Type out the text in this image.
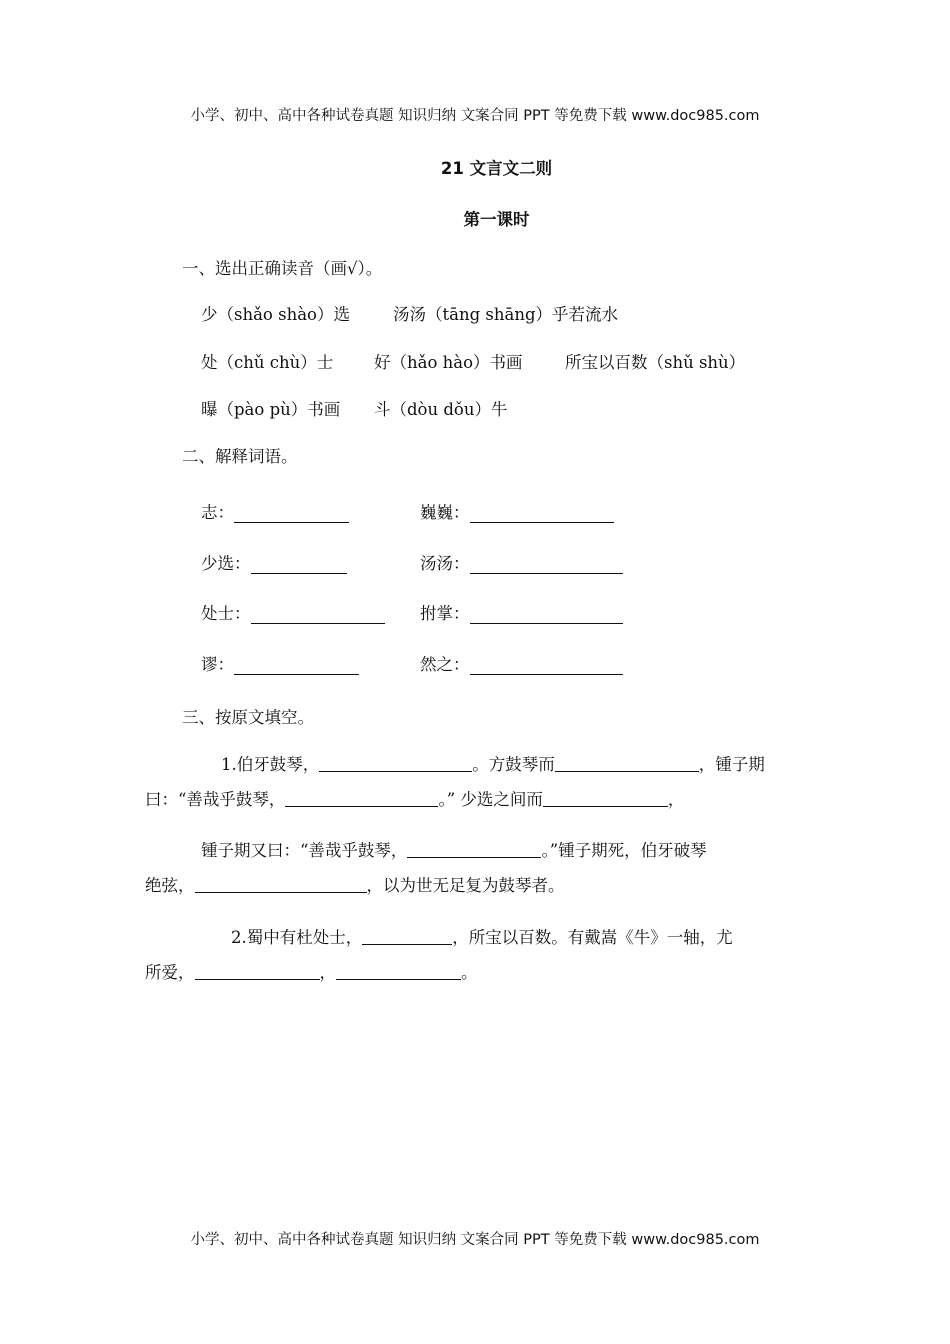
小学、初中、高中各种试卷真题 知识归纳 文案合同 PPT 等免费下载 www.doc985.com
21 文言文二则
第一课时
一、选出正确读音（画√）。
少（shǎo shào）选	汤汤（tāng shāng）乎若流水
处（chǔ chù）士 好（hǎo hào）书画	所宝以百数（shǔ shù）
曝（pào pù）书画 斗（dòu dǒu）牛
二、解释词语。
志：	巍巍：
少选：	汤汤：
处士：	拊掌：
谬：	然之：
三、按原文填空。
1.伯牙鼓琴，	。方鼓琴而	，锺子期
曰：“善哉乎鼓琴，	。” 少选之间而	，
锺子期又曰：“善哉乎鼓琴，	。”锺子期死，伯牙破琴
绝弦，	，以为世无足复为鼓琴者。
2.蜀中有杜处士，	，所宝以百数。有戴嵩《牛》一轴，尤
所爱，	，	。
小学、初中、高中各种试卷真题 知识归纳 文案合同 PPT 等免费下载 www.doc985.com
